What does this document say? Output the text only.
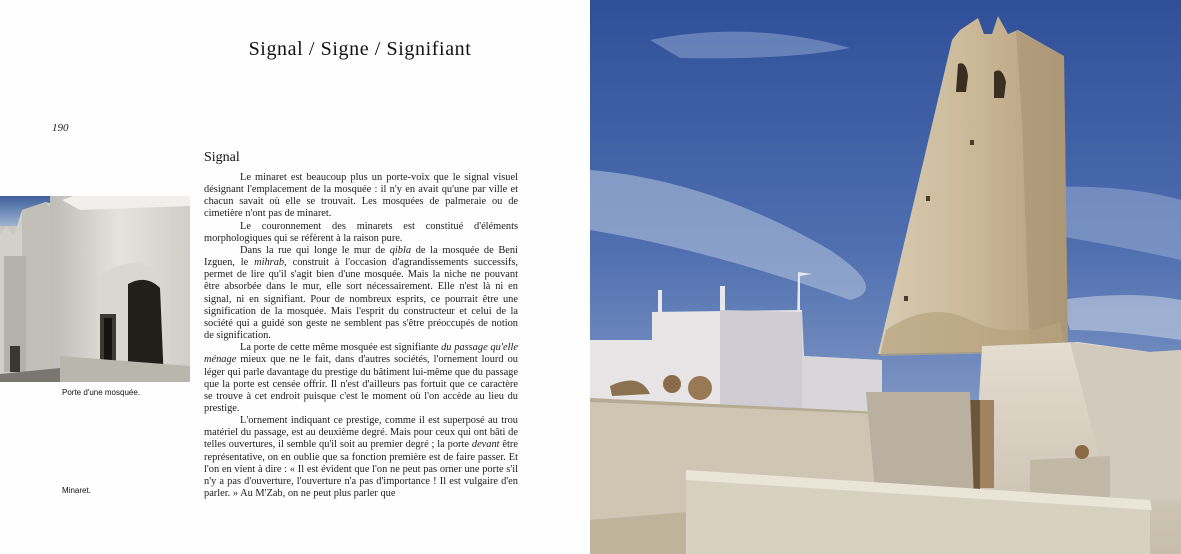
Signal / Signe / Signifiant
190
Porte d'une mosquée.
Minaret.
Signal

Le minaret est beaucoup plus un porte-voix que le signal visuel désignant l'emplacement de la mosquée : il n'y en avait qu'une par ville et chacun savait où elle se trouvait. Les mosquées de palmeraie ou de cimetière n'ont pas de minaret.

Le couronnement des minarets est constitué d'éléments morphologiques qui se réfèrent à la raison pure.

Dans la rue qui longe le mur de qibla de la mosquée de Beni Izguen, le mihrab, construit à l'occasion d'agrandissements successifs, permet de lire qu'il s'agit bien d'une mosquée. Mais la niche ne pouvant être absorbée dans le mur, elle sort nécessairement. Elle n'est là ni en signal, ni en signifiant. Pour de nombreux esprits, ce pourrait être une signification de la mosquée. Mais l'esprit du constructeur et celui de la société qui a guidé son geste ne semblent pas s'être préoccupés de notion de signification.

La porte de cette même mosquée est signifiante du passage qu'elle ménage mieux que ne le fait, dans d'autres sociétés, l'ornement lourd ou léger qui parle davantage du prestige du bâtiment lui-même que du passage que la porte est censée offrir. Il n'est d'ailleurs pas fortuit que ce caractère se trouve à cet endroit puisque c'est le moment où l'on accède au lieu du prestige.

L'ornement indiquant ce prestige, comme il est superposé au trou matériel du passage, est au deuxième degré. Mais pour ceux qui ont bâti de telles ouvertures, il semble qu'il soit au premier degré ; la porte devant être représentative, on en oublie que sa fonction première est de faire passer. Et l'on en vient à dire : « Il est évident que l'on ne peut pas orner une porte s'il n'y a pas d'ouverture, l'ouverture n'a pas d'importance ! Il est vulgaire d'en parler. » Au M'Zab, on ne peut plus parler que
